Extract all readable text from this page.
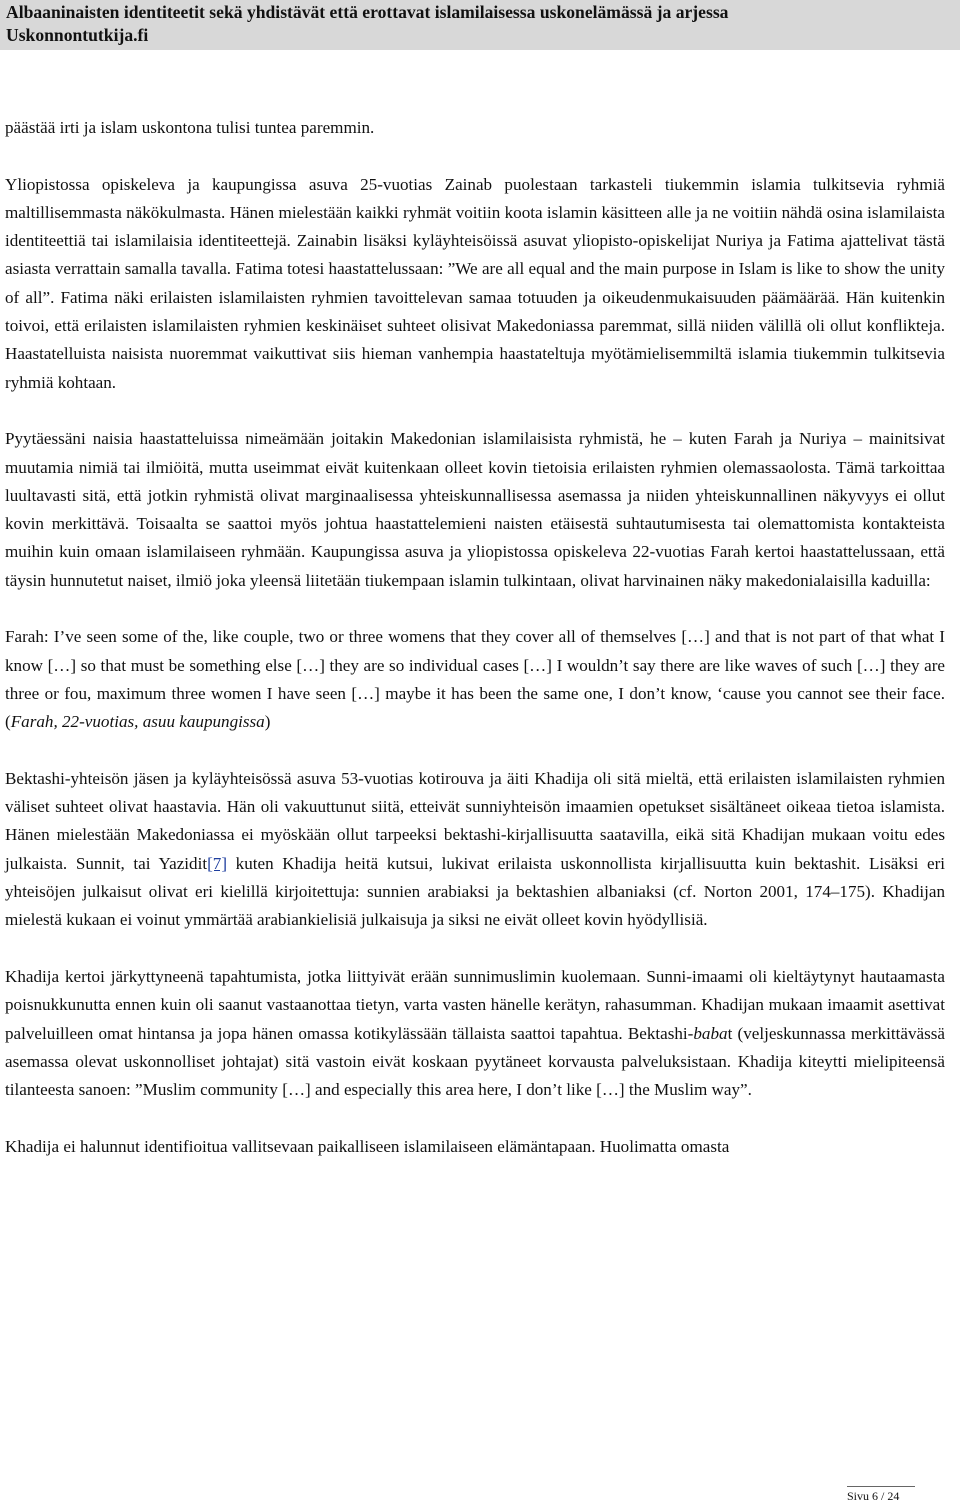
Albaaninaisten identiteetit sekä yhdistävät että erottavat islamilaisessa uskonelämässä ja arjessa
Uskonnontutkija.fi

päästää irti ja islam uskontona tulisi tuntea paremmin.

Yliopistossa opiskeleva ja kaupungissa asuva 25-vuotias Zainab puolestaan tarkasteli tiukemmin islamia tulkitsevia ryhmiä maltillisemmasta näkökulmasta. Hänen mielestään kaikki ryhmät voitiin koota islamin käsitteen alle ja ne voitiin nähdä osina islamilaista identiteettiä tai islamilaisia identiteettejä. Zainabin lisäksi kyläyhteisöissä asuvat yliopisto-opiskelijat Nuriya ja Fatima ajattelivat tästä asiasta verrattain samalla tavalla. Fatima totesi haastattelussaan: ”We are all equal and the main purpose in Islam is like to show the unity of all”. Fatima näki erilaisten islamilaisten ryhmien tavoittelevan samaa totuuden ja oikeudenmukaisuuden päämäärää. Hän kuitenkin toivoi, että erilaisten islamilaisten ryhmien keskinäiset suhteet olisivat Makedoniassa paremmat, sillä niiden välillä oli ollut konflikteja. Haastatelluista naisista nuoremmat vaikuttivat siis hieman vanhempia haastateltuja myötämielisemmiltä islamia tiukemmin tulkitsevia ryhmiä kohtaan.

Pyytäessäni naisia haastatteluissa nimeämään joitakin Makedonian islamilaisista ryhmistä, he – kuten Farah ja Nuriya – mainitsivat muutamia nimiä tai ilmiöitä, mutta useimmat eivät kuitenkaan olleet kovin tietoisia erilaisten ryhmien olemassaolosta. Tämä tarkoittaa luultavasti sitä, että jotkin ryhmistä olivat marginaalisessa yhteiskunnallisessa asemassa ja niiden yhteiskunnallinen näkyvyys ei ollut kovin merkittävä. Toisaalta se saattoi myös johtua haastattelemieni naisten etäisestä suhtautumisesta tai olemattomista kontakteista muihin kuin omaan islamilaiseen ryhmään. Kaupungissa asuva ja yliopistossa opiskeleva 22-vuotias Farah kertoi haastattelussaan, että täysin hunnutetut naiset, ilmiö joka yleensä liitetään tiukempaan islamin tulkintaan, olivat harvinainen näky makedonialaisilla kaduilla:

Farah: I’ve seen some of the, like couple, two or three womens that they cover all of themselves […] and that is not part of that what I know […] so that must be something else […] they are so individual cases […] I wouldn’t say there are like waves of such […] they are three or fou, maximum three women I have seen […] maybe it has been the same one, I don’t know, ‘cause you cannot see their face. (Farah, 22-vuotias, asuu kaupungissa)

Bektashi-yhteisön jäsen ja kyläyhteisössä asuva 53-vuotias kotirouva ja äiti Khadija oli sitä mieltä, että erilaisten islamilaisten ryhmien väliset suhteet olivat haastavia. Hän oli vakuuttunut siitä, etteivät sunniyhteisön imaamien opetukset sisältäneet oikeaa tietoa islamista. Hänen mielestään Makedoniassa ei myöskään ollut tarpeeksi bektashi-kirjallisuutta saatavilla, eikä sitä Khadijan mukaan voitu edes julkaista. Sunnit, tai Yazidit[7] kuten Khadija heitä kutsui, lukivat erilaista uskonnollista kirjallisuutta kuin bektashit. Lisäksi eri yhteisöjen julkaisut olivat eri kielillä kirjoitettuja: sunnien arabiaksi ja bektashien albaniaksi (cf. Norton 2001, 174–175). Khadijan mielestä kukaan ei voinut ymmärtää arabiankielisiä julkaisuja ja siksi ne eivät olleet kovin hyödyllisiä.

Khadija kertoi järkyttyneenä tapahtumista, jotka liittyivät erään sunnimuslimin kuolemaan. Sunni-imaami oli kieltäytynyt hautaamasta poisnukkunutta ennen kuin oli saanut vastaanottaa tietyn, varta vasten hänelle kerätyn, rahasumman. Khadijan mukaan imaamit asettivat palveluilleen omat hintansa ja jopa hänen omassa kotikylässään tällaista saattoi tapahtua. Bektashi-babat (veljeskunnassa merkittävässä asemassa olevat uskonnolliset johtajat) sitä vastoin eivät koskaan pyytäneet korvausta palveluksistaan. Khadija kiteytti mielipiteensä tilanteesta sanoen: ”Muslim community […] and especially this area here, I don’t like […] the Muslim way”.

Khadija ei halunnut identifioitua vallitsevaan paikalliseen islamilaiseen elämäntapaan. Huolimatta omasta

Sivu 6 / 24
